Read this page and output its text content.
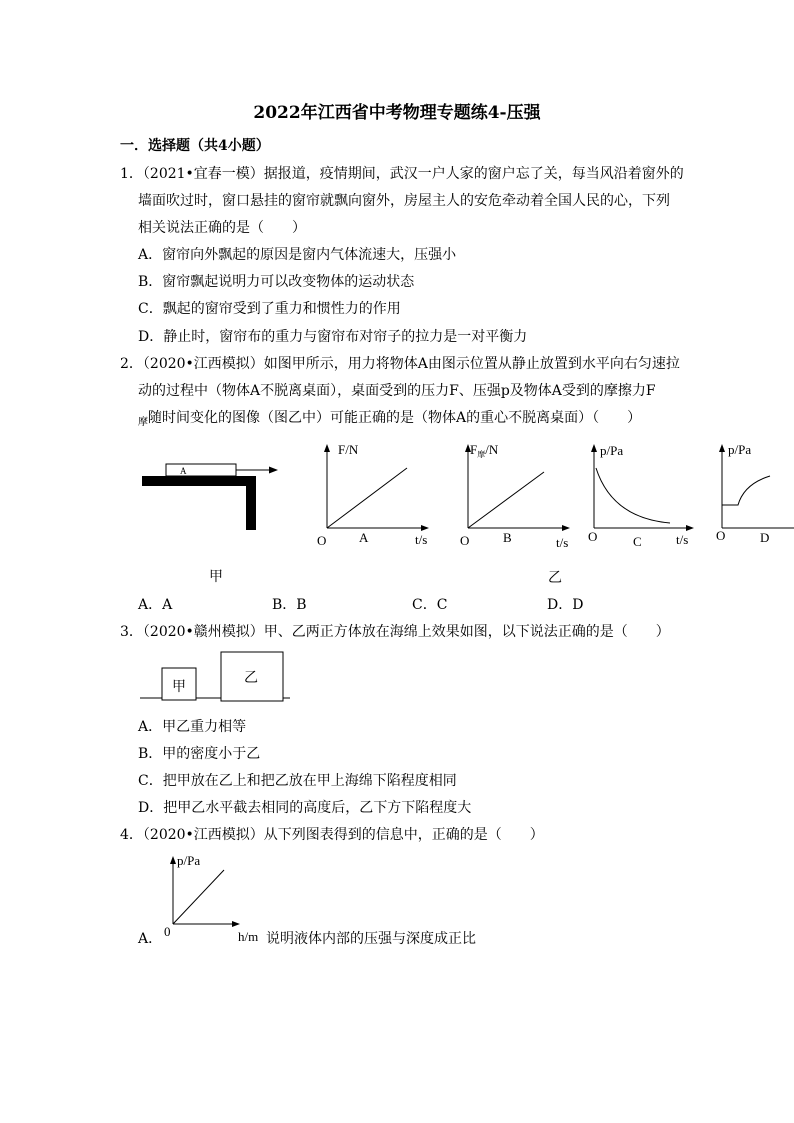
2022年江西省中考物理专题练4-压强
一．选择题（共4小题）
1．（2021•宜春一模）据报道，疫情期间，武汉一户人家的窗户忘了关，每当风沿着窗外的
墙面吹过时，窗口悬挂的窗帘就飘向窗外，房屋主人的安危牵动着全国人民的心，下列
相关说法正确的是（　　）
A．窗帘向外飘起的原因是窗内气体流速大，压强小
B．窗帘飘起说明力可以改变物体的运动状态
C．飘起的窗帘受到了重力和惯性力的作用
D．静止时，窗帘布的重力与窗帘布对帘子的拉力是一对平衡力
2．（2020•江西模拟）如图甲所示，用力将物体A由图示位置从静止放置到水平向右匀速拉
动的过程中（物体A不脱离桌面），桌面受到的压力F、压强p及物体A受到的摩擦力F
$_摩$随时间变化的图像（图乙中）可能正确的是（物体A的重心不脱离桌面）（　　）
A
F/N
O	A	t/s
$F_摩/N$
O	B	t/s
p/Pa
O	C	t/s
p/Pa
O	D
甲	乙
A．A	B．B	C．C	D．D
3．（2020•赣州模拟）甲、乙两正方体放在海绵上效果如图，以下说法正确的是（　　）
甲
乙
A．甲乙重力相等
B．甲的密度小于乙
C．把甲放在乙上和把乙放在甲上海绵下陷程度相同
D．把甲乙水平截去相同的高度后，乙下方下陷程度大
4．（2020•江西模拟）从下列图表得到的信息中，正确的是（　　）
A．
p/Pa
0	h/m 说明液体内部的压强与深度成正比
